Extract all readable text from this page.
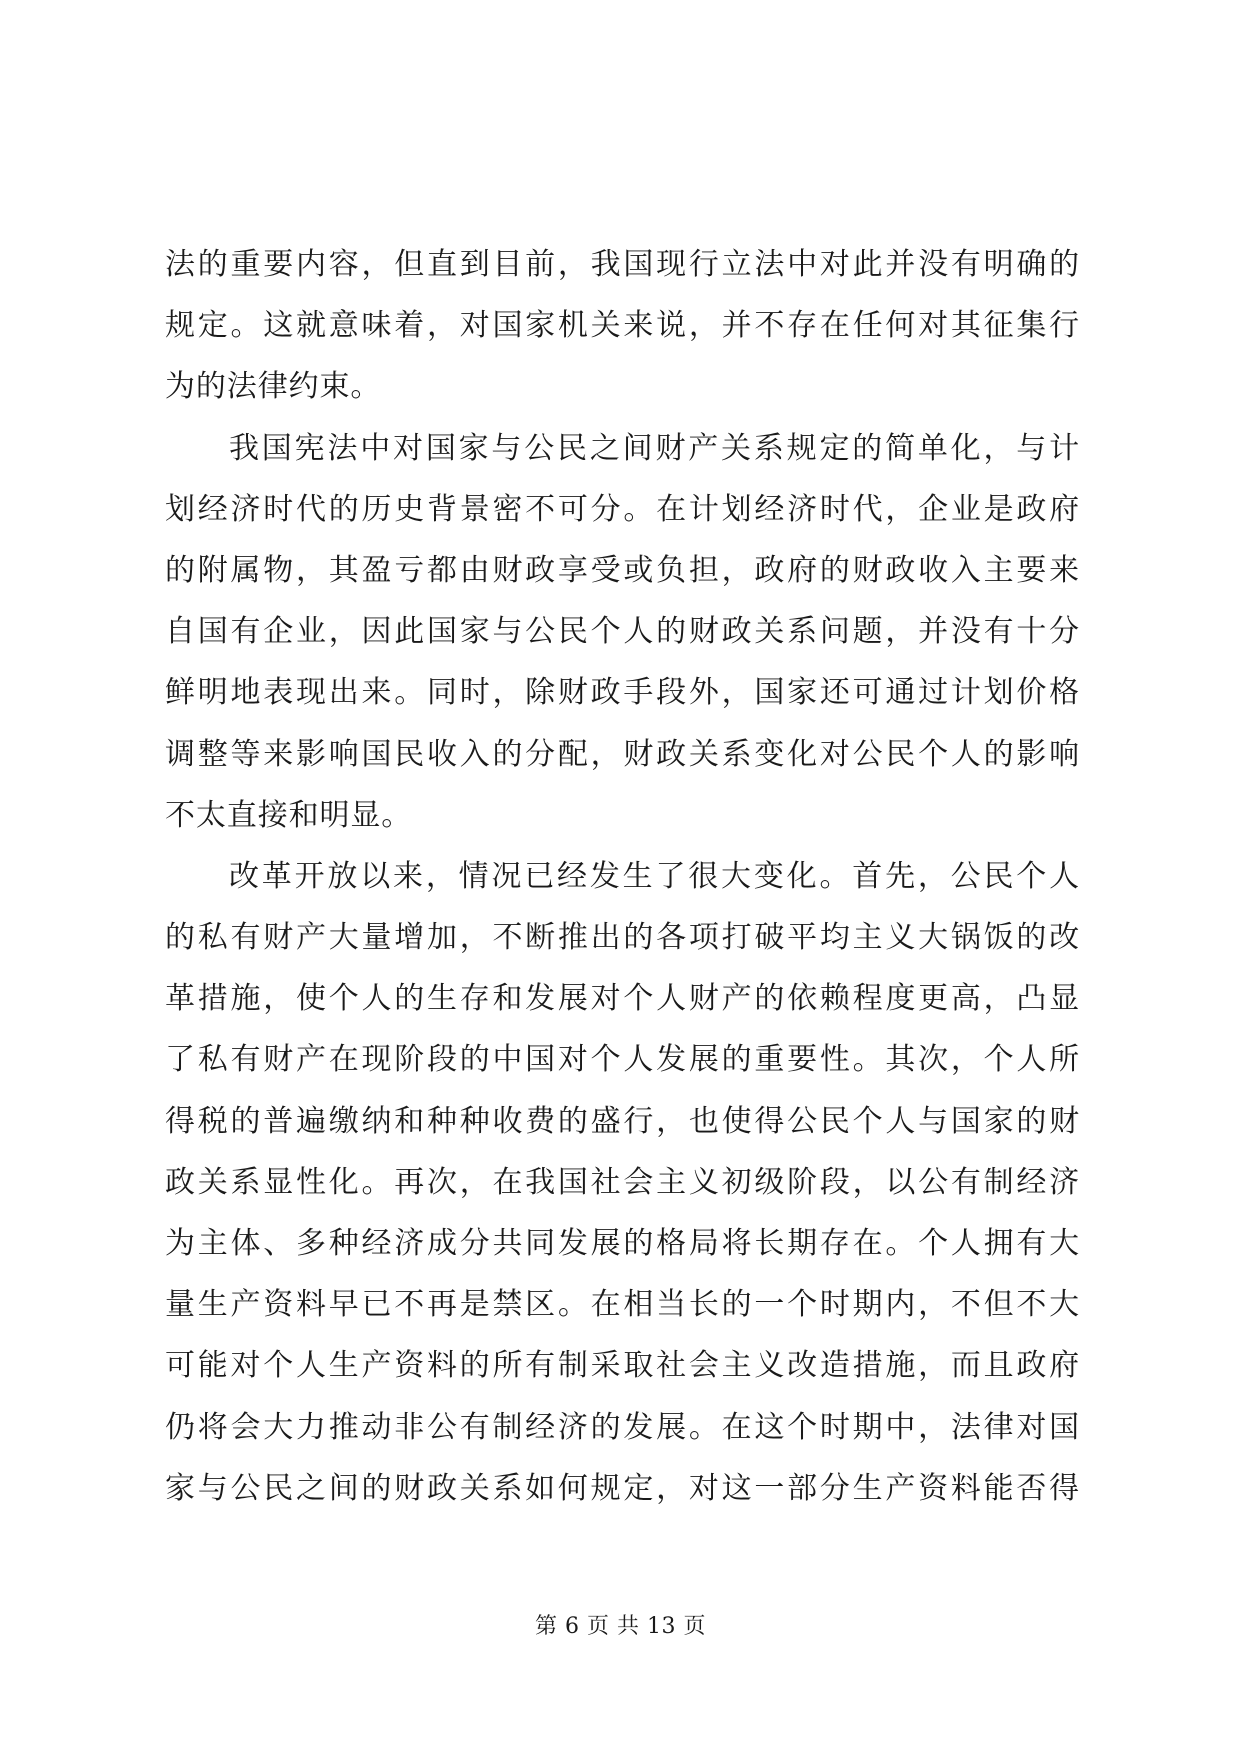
法的重要内容，但直到目前，我国现行立法中对此并没有明确的
规定。这就意味着，对国家机关来说，并不存在任何对其征集行
为的法律约束。
我国宪法中对国家与公民之间财产关系规定的简单化，与计
划经济时代的历史背景密不可分。在计划经济时代，企业是政府
的附属物，其盈亏都由财政享受或负担，政府的财政收入主要来
自国有企业，因此国家与公民个人的财政关系问题，并没有十分
鲜明地表现出来。同时，除财政手段外，国家还可通过计划价格
调整等来影响国民收入的分配，财政关系变化对公民个人的影响
不太直接和明显。
改革开放以来，情况已经发生了很大变化。首先，公民个人
的私有财产大量增加，不断推出的各项打破平均主义大锅饭的改
革措施，使个人的生存和发展对个人财产的依赖程度更高，凸显
了私有财产在现阶段的中国对个人发展的重要性。其次，个人所
得税的普遍缴纳和种种收费的盛行，也使得公民个人与国家的财
政关系显性化。再次，在我国社会主义初级阶段，以公有制经济
为主体、多种经济成分共同发展的格局将长期存在。个人拥有大
量生产资料早已不再是禁区。在相当长的一个时期内，不但不大
可能对个人生产资料的所有制采取社会主义改造措施，而且政府
仍将会大力推动非公有制经济的发展。在这个时期中，法律对国
家与公民之间的财政关系如何规定，对这一部分生产资料能否得
第 6 页 共 13 页
